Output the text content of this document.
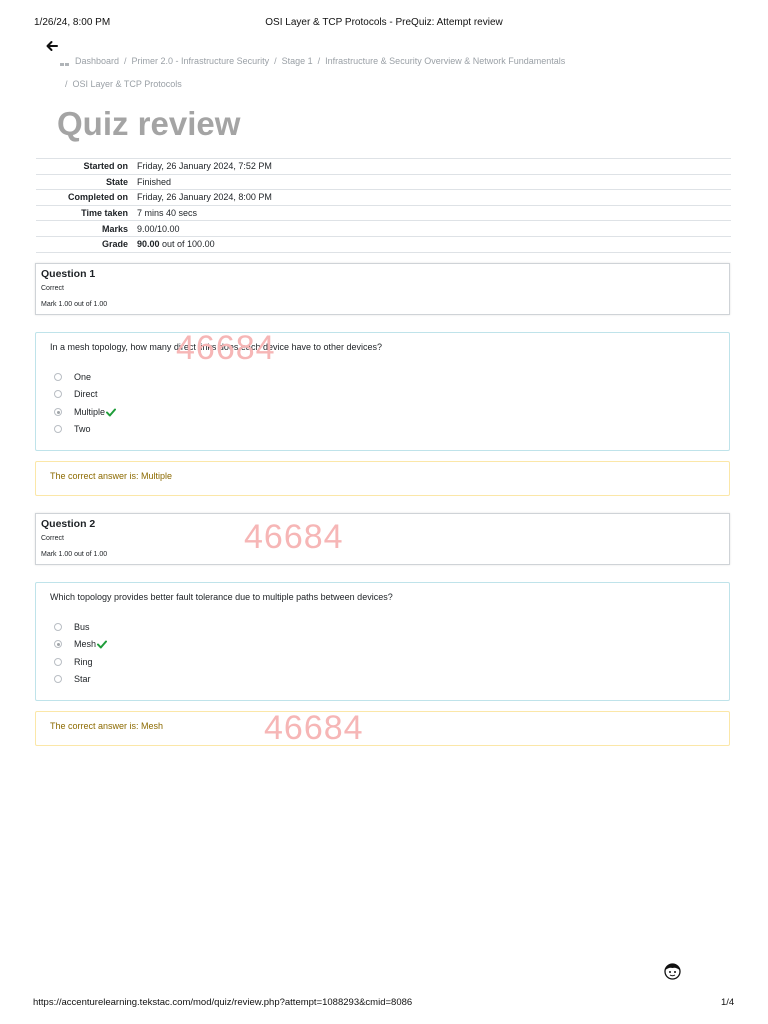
1/26/24, 8:00 PM	OSI Layer & TCP Protocols - PreQuiz: Attempt review
Dashboard / Primer 2.0 - Infrastructure Security / Stage 1 / Infrastructure & Security Overview & Network Fundamentals
/ OSI Layer & TCP Protocols
Quiz review
Started on	Friday, 26 January 2024, 7:52 PM
State	Finished
Completed on	Friday, 26 January 2024, 8:00 PM
Time taken	7 mins 40 secs
Marks	9.00/10.00
Grade	90.00 out of 100.00
Question 1
Correct
Mark 1.00 out of 1.00
In a mesh topology, how many direct links does each device have to other devices?
One
Direct
Multiple
Two
The correct answer is: Multiple
Question 2
Correct
Mark 1.00 out of 1.00
Which topology provides better fault tolerance due to multiple paths between devices?
Bus
Mesh
Ring
Star
The correct answer is: Mesh
46684
46684
46684
https://accenturelearning.tekstac.com/mod/quiz/review.php?attempt=1088293&cmid=8086	1/4
